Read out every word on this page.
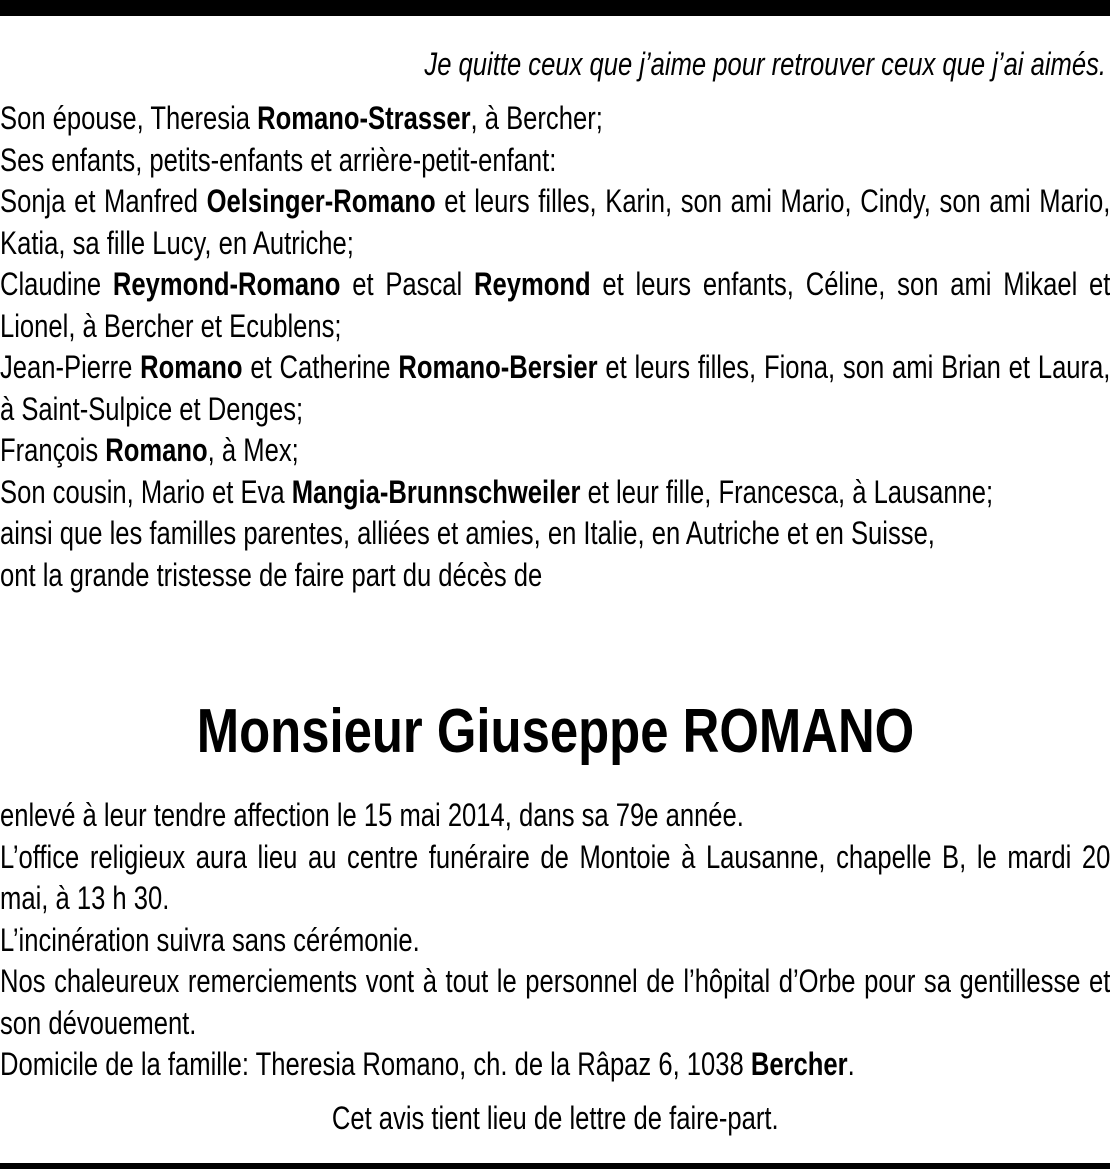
Je quitte ceux que j’aime pour retrouver ceux que j’ai aimés.

Son épouse, Theresia Romano-Strasser, à Bercher;

Ses enfants, petits-enfants et arrière-petit-enfant:

Sonja et Manfred Oelsinger-Romano et leurs filles, Karin, son ami Mario, Cindy, son ami Mario, Katia, sa fille Lucy, en Autriche;

Claudine Reymond-Romano et Pascal Reymond et leurs enfants, Céline, son ami Mikael et Lionel, à Bercher et Ecublens;

Jean-Pierre Romano et Catherine Romano-Bersier et leurs filles, Fiona, son ami Brian et Laura, à Saint-Sulpice et Denges;

François Romano, à Mex;

Son cousin, Mario et Eva Mangia-Brunnschweiler et leur fille, Francesca, à Lausanne;

ainsi que les familles parentes, alliées et amies, en Italie, en Autriche et en Suisse,

ont la grande tristesse de faire part du décès de

Monsieur Giuseppe ROMANO

enlevé à leur tendre affection le 15 mai 2014, dans sa 79e année.

L’office religieux aura lieu au centre funéraire de Montoie à Lausanne, chapelle B, le mardi 20 mai, à 13 h 30.

L’incinération suivra sans cérémonie.

Nos chaleureux remerciements vont à tout le personnel de l’hôpital d’Orbe pour sa gentillesse et son dévouement.

Domicile de la famille: Theresia Romano, ch. de la Râpaz 6, 1038 Bercher.

Cet avis tient lieu de lettre de faire-part.
